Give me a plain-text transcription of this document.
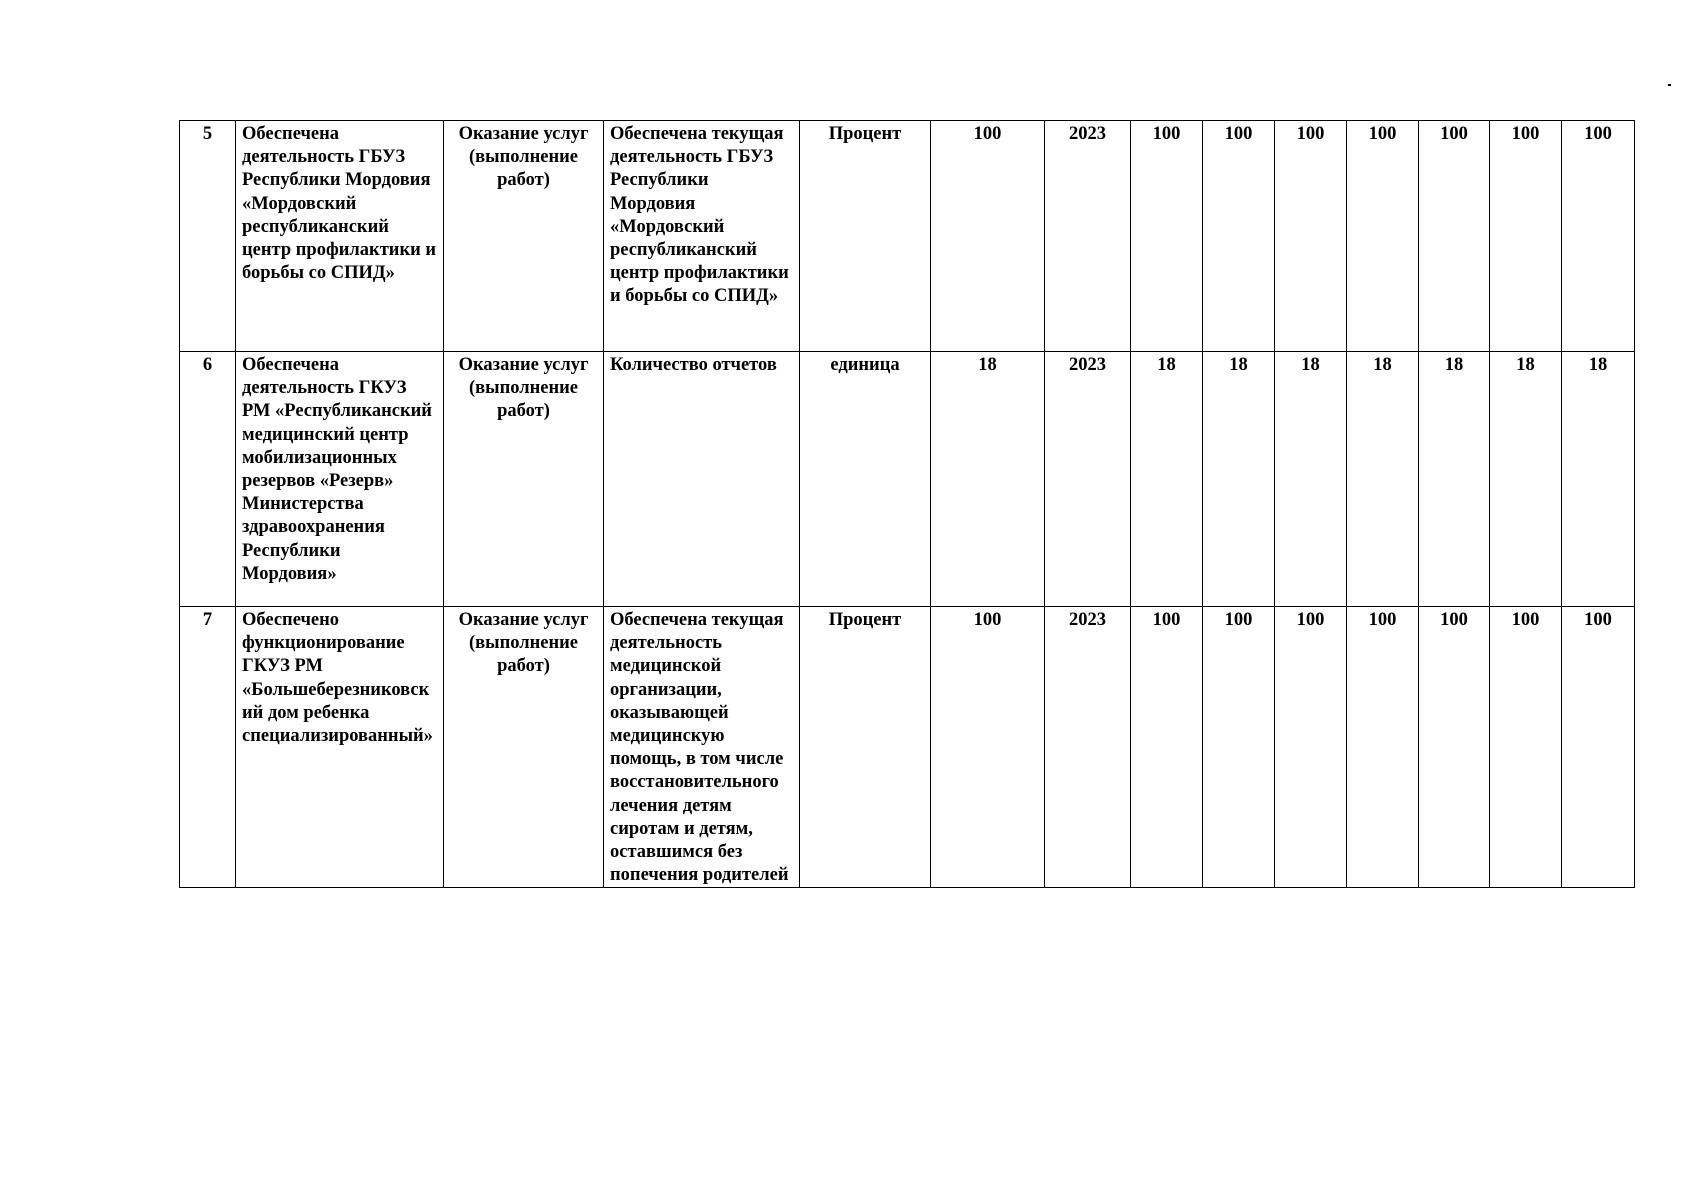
5	Обеспечена деятельность ГБУЗ Республики Мордовия «Мордовский республиканский центр профилактики и борьбы со СПИД»	Оказание услуг (выполнение работ)	Обеспечена текущая деятельность ГБУЗ Республики Мордовия «Мордовский республиканский центр профилактики и борьбы со СПИД»	Процент	100	2023	100	100	100	100	100	100	100
6	Обеспечена деятельность ГКУЗ РМ «Республиканский медицинский центр мобилизационных резервов «Резерв» Министерства здравоохранения Республики Мордовия»	Оказание услуг (выполнение работ)	Количество отчетов	единица	18	2023	18	18	18	18	18	18	18
7	Обеспечено функционирование ГКУЗ РМ «Большеберезниковский дом ребенка специализированный»	Оказание услуг (выполнение работ)	Обеспечена текущая деятельность медицинской организации, оказывающей медицинскую помощь, в том числе восстановительного лечения детям сиротам и детям, оставшимся без попечения родителей	Процент	100	2023	100	100	100	100	100	100	100
